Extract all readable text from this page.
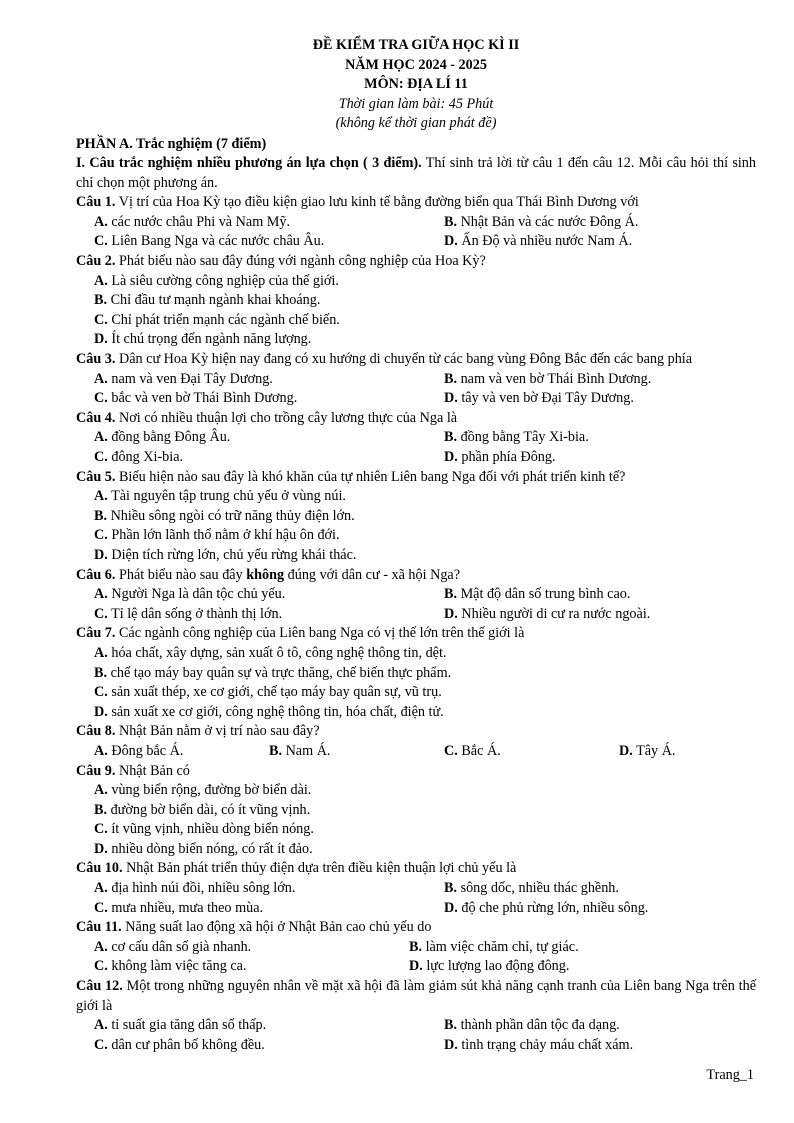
ĐỀ KIỂM TRA GIỮA HỌC KÌ II
NĂM HỌC 2024 - 2025
MÔN: ĐỊA LÍ 11
Thời gian làm bài: 45 Phút
(không kể thời gian phát đề)
PHẦN A. Trắc nghiệm (7 điểm)
I. Câu trắc nghiệm nhiều phương án lựa chọn ( 3 điểm). Thí sinh trả lời từ câu 1 đến câu 12. Mỗi câu hỏi thí sinh chỉ chọn một phương án.
Câu 1. Vị trí của Hoa Kỳ tạo điều kiện giao lưu kinh tế bằng đường biển qua Thái Bình Dương với
A. các nước châu Phi và Nam Mỹ.	B. Nhật Bản và các nước Đông Á.
C. Liên Bang Nga và các nước châu Âu.	D. Ấn Độ và nhiều nước Nam Á.
Câu 2. Phát biểu nào sau đây đúng với ngành công nghiệp của Hoa Kỳ?
A. Là siêu cường công nghiệp của thế giới.
B. Chỉ đầu tư mạnh ngành khai khoáng.
C. Chỉ phát triển mạnh các ngành chế biến.
D. Ít chú trọng đến ngành năng lượng.
Câu 3. Dân cư Hoa Kỳ hiện nay đang có xu hướng di chuyển từ các bang vùng Đông Bắc đến các bang phía
A. nam và ven Đại Tây Dương.	B. nam và ven bờ Thái Bình Dương.
C. bắc và ven bờ Thái Bình Dương.	D. tây và ven bờ Đại Tây Dương.
Câu 4. Nơi có nhiều thuận lợi cho trồng cây lương thực của Nga là
A. đồng bằng Đông Âu.	B. đồng bằng Tây Xi-bia.
C. đông Xi-bia.	D. phần phía Đông.
Câu 5. Biểu hiện nào sau đây là khó khăn của tự nhiên Liên bang Nga đối với phát triển kinh tế?
A. Tài nguyên tập trung chủ yếu ở vùng núi.
B. Nhiều sông ngòi có trữ năng thủy điện lớn.
C. Phần lớn lãnh thổ nằm ở khí hậu ôn đới.
D. Diện tích rừng lớn, chủ yếu rừng khái thác.
Câu 6. Phát biểu nào sau đây không đúng với dân cư - xã hội Nga?
A. Người Nga là dân tộc chủ yếu.	B. Mật độ dân số trung bình cao.
C. Tỉ lệ dân sống ở thành thị lớn.	D. Nhiều người di cư ra nước ngoài.
Câu 7. Các ngành công nghiệp của Liên bang Nga có vị thế lớn trên thế giới là
A. hóa chất, xây dựng, sản xuất ô tô, công nghệ thông tin, dệt.
B. chế tạo máy bay quân sự và trực thăng, chế biến thực phẩm.
C. sản xuất thép, xe cơ giới, chế tạo máy bay quân sự, vũ trụ.
D. sản xuất xe cơ giới, công nghệ thông tin, hóa chất, điện tử.
Câu 8. Nhật Bản nằm ở vị trí nào sau đây?
A. Đông bắc Á.	B. Nam Á.	C. Bắc Á.	D. Tây Á.
Câu 9. Nhật Bản có
A. vùng biển rộng, đường bờ biển dài.
B. đường bờ biển dài, có ít vũng vịnh.
C. ít vũng vịnh, nhiều dòng biển nóng.
D. nhiều dòng biển nóng, có rất ít đảo.
Câu 10. Nhật Bản phát triển thủy điện dựa trên điều kiện thuận lợi chủ yếu là
A. địa hình núi đồi, nhiều sông lớn.	B. sông dốc, nhiều thác ghềnh.
C. mưa nhiều, mưa theo mùa.	D. độ che phủ rừng lớn, nhiều sông.
Câu 11. Năng suất lao động xã hội ở Nhật Bản cao chủ yếu do
A. cơ cấu dân số già nhanh.	B. làm việc chăm chỉ, tự giác.
C. không làm việc tăng ca.	D. lực lượng lao động đông.
Câu 12. Một trong những nguyên nhân về mặt xã hội đã làm giảm sút khả năng cạnh tranh của Liên bang Nga trên thế giới là
A. tỉ suất gia tăng dân số thấp.	B. thành phần dân tộc đa dạng.
C. dân cư phân bố không đều.	D. tình trạng chảy máu chất xám.
Trang_1
